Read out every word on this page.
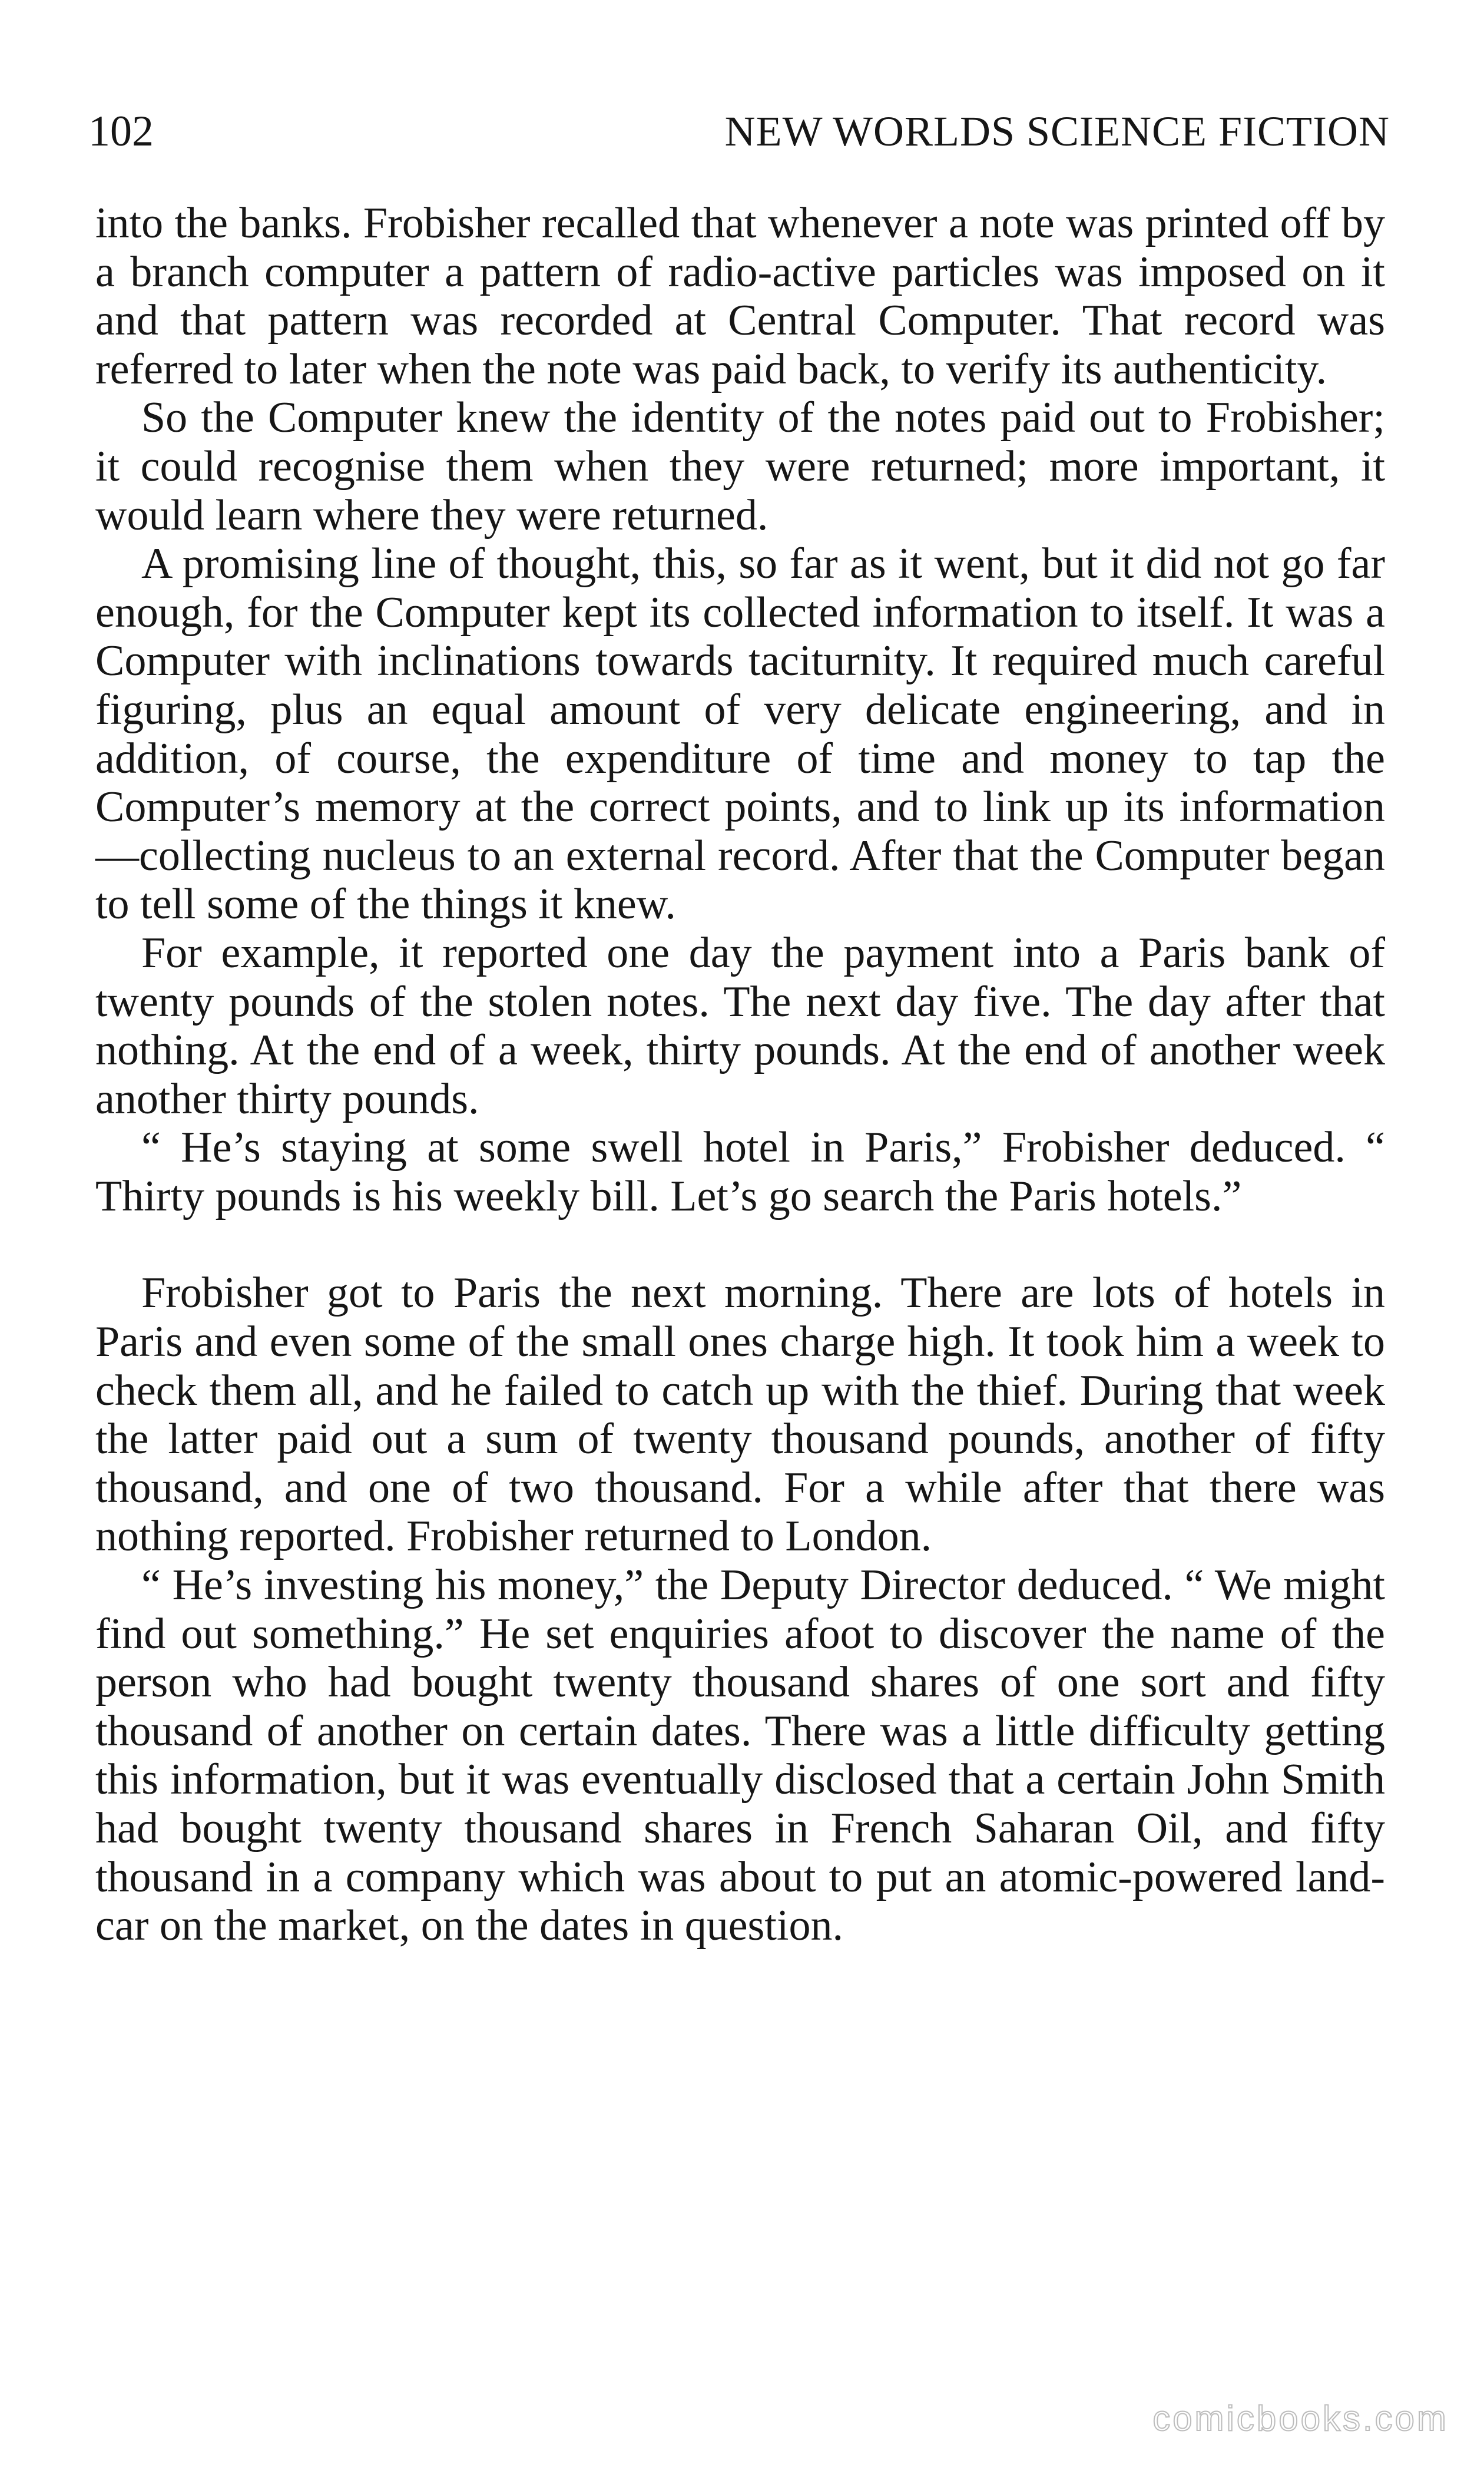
102	NEW WORLDS SCIENCE FICTION

into the banks. Frobisher recalled that whenever a note was printed off by a branch computer a pattern of radio-active particles was imposed on it and that pattern was recorded at Central Computer. That record was referred to later when the note was paid back, to verify its authenticity.

So the Computer knew the identity of the notes paid out to Frobisher; it could recognise them when they were returned; more important, it would learn where they were returned.

A promising line of thought, this, so far as it went, but it did not go far enough, for the Computer kept its collected information to itself. It was a Computer with inclinations towards taciturnity. It required much careful figuring, plus an equal amount of very delicate engineering, and in addition, of course, the expenditure of time and money to tap the Computer’s memory at the correct points, and to link up its information—collecting nucleus to an external record. After that the Computer began to tell some of the things it knew.

For example, it reported one day the payment into a Paris bank of twenty pounds of the stolen notes. The next day five. The day after that nothing. At the end of a week, thirty pounds. At the end of another week another thirty pounds.

“ He’s staying at some swell hotel in Paris,” Frobisher deduced. “ Thirty pounds is his weekly bill. Let’s go search the Paris hotels.”

Frobisher got to Paris the next morning. There are lots of hotels in Paris and even some of the small ones charge high. It took him a week to check them all, and he failed to catch up with the thief. During that week the latter paid out a sum of twenty thousand pounds, another of fifty thousand, and one of two thousand. For a while after that there was nothing reported. Frobisher returned to London.

“ He’s investing his money,” the Deputy Director deduced. “ We might find out something.” He set enquiries afoot to discover the name of the person who had bought twenty thousand shares of one sort and fifty thousand of another on certain dates. There was a little difficulty getting this information, but it was eventually disclosed that a certain John Smith had bought twenty thousand shares in French Saharan Oil, and fifty thousand in a company which was about to put an atomic-powered land-car on the market, on the dates in question.

comicbooks.com
